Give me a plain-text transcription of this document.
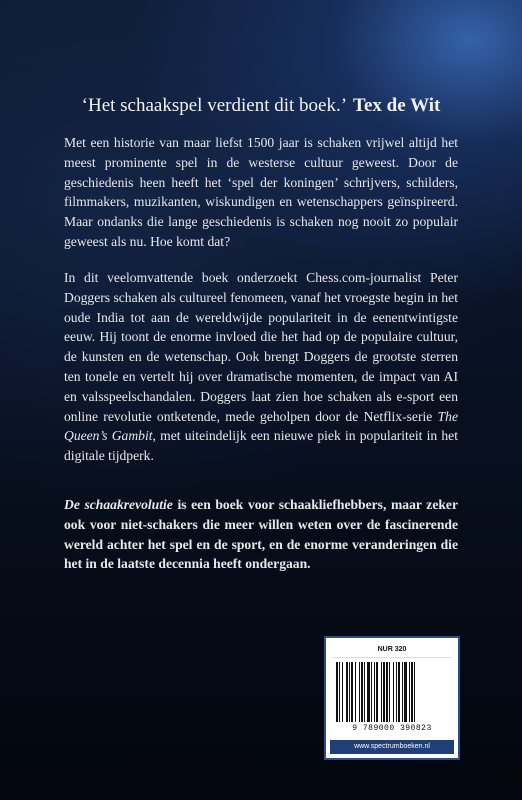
‘Het schaakspel verdient dit boek.’ Tex de Wit

Met een historie van maar liefst 1500 jaar is schaken vrijwel altijd het meest prominente spel in de westerse cultuur geweest. Door de geschiedenis heen heeft het ‘spel der koningen’ schrijvers, schilders, filmmakers, muzikanten, wiskundigen en wetenschappers geïnspireerd. Maar ondanks die lange geschiedenis is schaken nog nooit zo populair geweest als nu. Hoe komt dat?

In dit veelomvattende boek onderzoekt Chess.com-journalist Peter Doggers schaken als cultureel fenomeen, vanaf het vroegste begin in het oude India tot aan de wereldwijde populariteit in de eenentwintigste eeuw. Hij toont de enorme invloed die het had op de populaire cultuur, de kunsten en de wetenschap. Ook brengt Doggers de grootste sterren ten tonele en vertelt hij over dramatische momenten, de impact van AI en valsspeelschandalen. Doggers laat zien hoe schaken als e-sport een online revolutie ontketende, mede geholpen door de Netflix-serie The Queen’s Gambit, met uiteindelijk een nieuwe piek in populariteit in het digitale tijdperk.

De schaakrevolutie is een boek voor schaakliefhebbers, maar zeker ook voor niet-schakers die meer willen weten over de fascinerende wereld achter het spel en de sport, en de enorme veranderingen die het in de laatste decennia heeft ondergaan.

NUR 320
9 789000 390823
www.spectrumboeken.nl
